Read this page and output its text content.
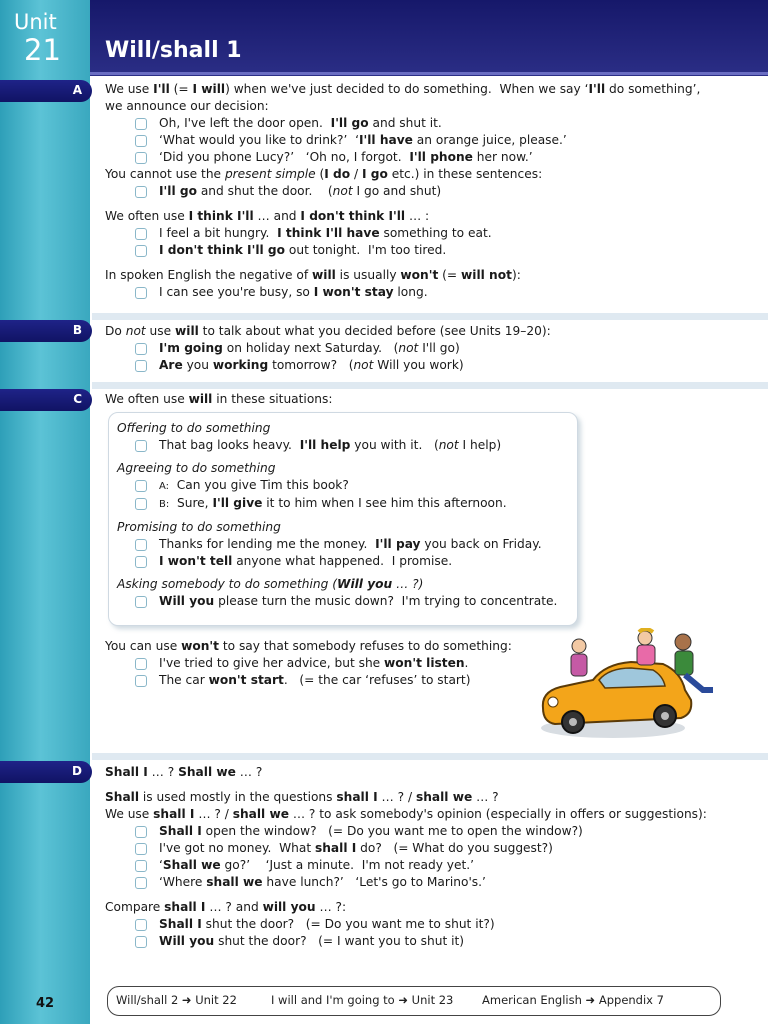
Unit
21 Will/shall 1
A
B
C
D
We use I'll (= I will) when we've just decided to do something.  When we say ‘I'll do something’,
we announce our decision:
Oh, I've left the door open.  I'll go and shut it.
‘What would you like to drink?’  ‘I'll have an orange juice, please.’
‘Did you phone Lucy?’   ‘Oh no, I forgot.  I'll phone her now.’
You cannot use the present simple (I do / I go etc.) in these sentences:
I'll go and shut the door.    (not I go and shut)
We often use I think I'll … and I don't think I'll … :
I feel a bit hungry.  I think I'll have something to eat.
I don't think I'll go out tonight.  I'm too tired.
In spoken English the negative of will is usually won't (= will not):
I can see you're busy, so I won't stay long.
Do not use will to talk about what you decided before (see Units 19–20):
I'm going on holiday next Saturday.   (not I'll go)
Are you working tomorrow?   (not Will you work)
We often use will in these situations:
Offering to do something
That bag looks heavy.  I'll help you with it.   (not I help)
Agreeing to do something
A:  Can you give Tim this book?
B:  Sure, I'll give it to him when I see him this afternoon.
Promising to do something
Thanks for lending me the money.  I'll pay you back on Friday.
I won't tell anyone what happened.  I promise.
Asking somebody to do something (Will you … ?)
Will you please turn the music down?  I'm trying to concentrate.
You can use won't to say that somebody refuses to do something:
I've tried to give her advice, but she won't listen.
The car won't start.   (= the car ‘refuses’ to start)
Shall I … ? Shall we … ?
Shall is used mostly in the questions shall I … ? / shall we … ?
We use shall I … ? / shall we … ? to ask somebody's opinion (especially in offers or suggestions):
Shall I open the window?   (= Do you want me to open the window?)
I've got no money.  What shall I do?   (= What do you suggest?)
‘Shall we go?’    ‘Just a minute.  I'm not ready yet.’
‘Where shall we have lunch?’   ‘Let's go to Marino's.’
Compare shall I … ? and will you … ?:
Shall I shut the door?   (= Do you want me to shut it?)
Will you shut the door?   (= I want you to shut it)
42	Will/shall 2 ➜ Unit 22	I will and I'm going to ➜ Unit 23 American English ➜ Appendix 7
